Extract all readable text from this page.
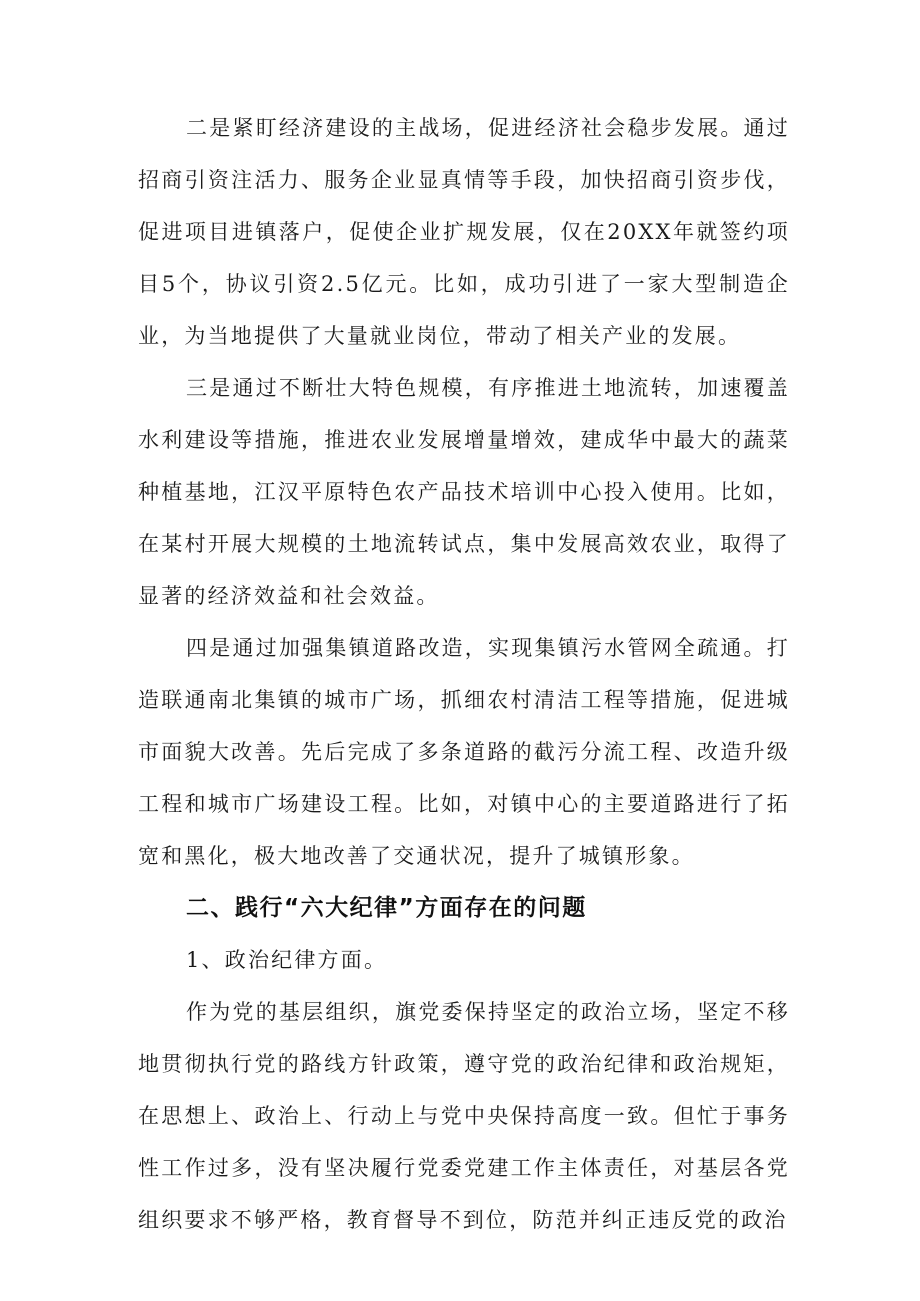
二是紧盯经济建设的主战场，促进经济社会稳步发展。通过招商引资注活力、服务企业显真情等手段，加快招商引资步伐，促进项目进镇落户，促使企业扩规发展，仅在20XX年就签约项目5个，协议引资2.5亿元。比如，成功引进了一家大型制造企业，为当地提供了大量就业岗位，带动了相关产业的发展。

三是通过不断壮大特色规模，有序推进土地流转，加速覆盖水利建设等措施，推进农业发展增量增效，建成华中最大的蔬菜种植基地，江汉平原特色农产品技术培训中心投入使用。比如，在某村开展大规模的土地流转试点，集中发展高效农业，取得了显著的经济效益和社会效益。

四是通过加强集镇道路改造，实现集镇污水管网全疏通。打造联通南北集镇的城市广场，抓细农村清洁工程等措施，促进城市面貌大改善。先后完成了多条道路的截污分流工程、改造升级工程和城市广场建设工程。比如，对镇中心的主要道路进行了拓宽和黑化，极大地改善了交通状况，提升了城镇形象。

二、践行“六大纪律”方面存在的问题

1、政治纪律方面。

作为党的基层组织，旗党委保持坚定的政治立场，坚定不移地贯彻执行党的路线方针政策，遵守党的政治纪律和政治规矩，在思想上、政治上、行动上与党中央保持高度一致。但忙于事务性工作过多，没有坚决履行党委党建工作主体责任，对基层各党组织要求不够严格，教育督导不到位，防范并纠正违反党的政治
